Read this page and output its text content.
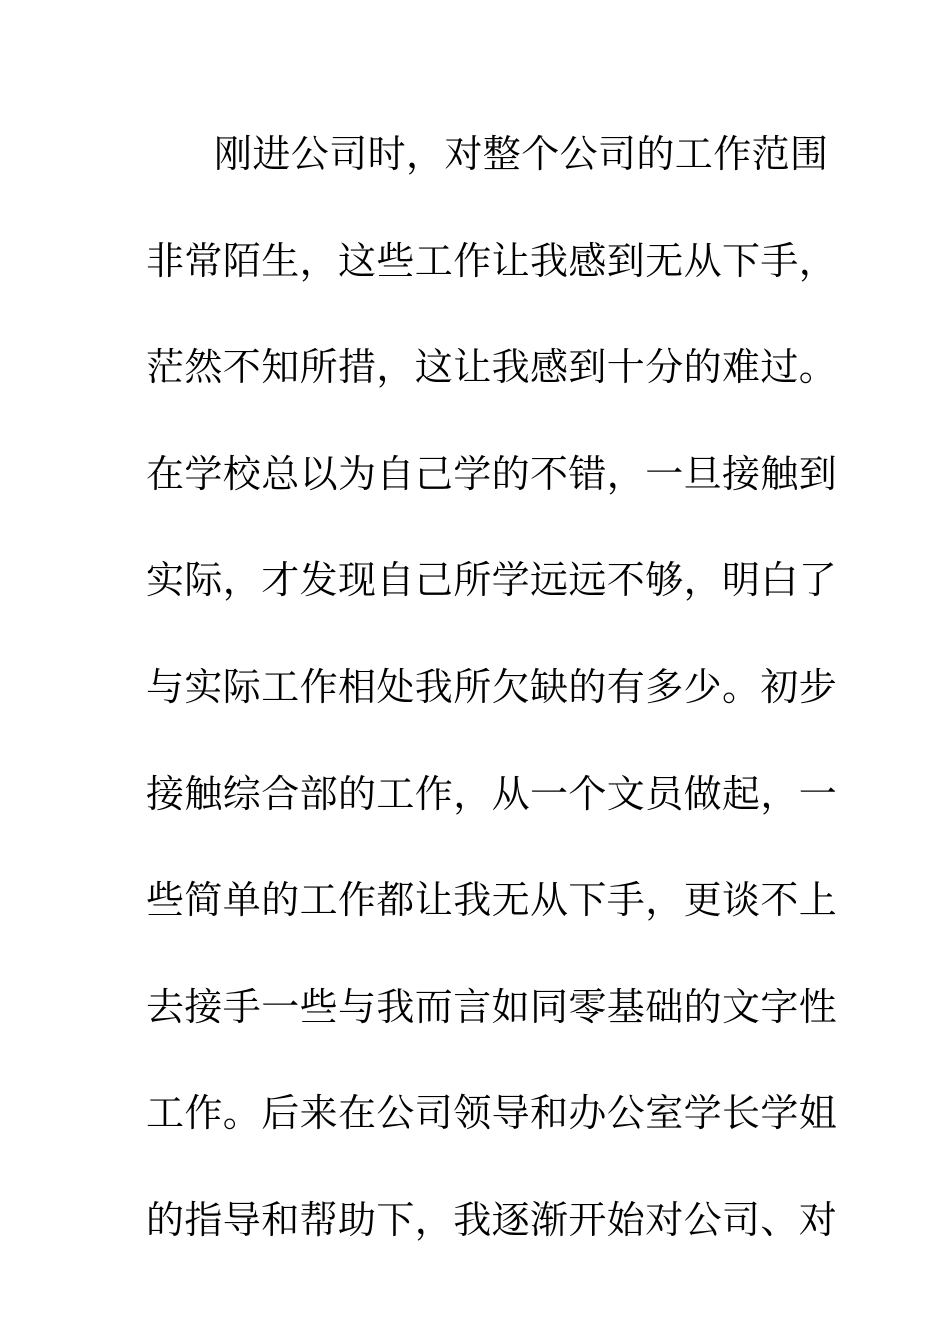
刚进公司时，对整个公司的工作范围
非常陌生，这些工作让我感到无从下手，
茫然不知所措，这让我感到十分的难过。
在学校总以为自己学的不错，一旦接触到
实际，才发现自己所学远远不够，明白了
与实际工作相处我所欠缺的有多少。初步
接触综合部的工作，从一个文员做起，一
些简单的工作都让我无从下手，更谈不上
去接手一些与我而言如同零基础的文字性
工作。后来在公司领导和办公室学长学姐
的指导和帮助下，我逐渐开始对公司、对
